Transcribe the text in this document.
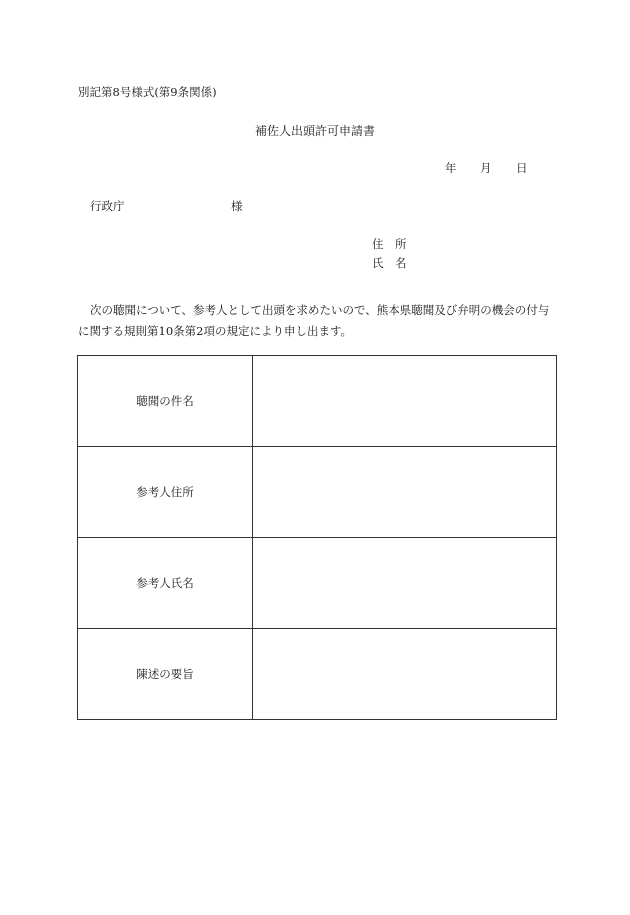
別記第8号様式(第9条関係)
補佐人出頭許可申請書
年 月 日
行政庁	様
住　所
氏　名
次の聴聞について、参考人として出頭を求めたいので、熊本県聴聞及び弁明の機会の付与に関する規則第10条第2項の規定により申し出ます。
聴聞の件名	
参考人住所	
参考人氏名	
陳述の要旨	
